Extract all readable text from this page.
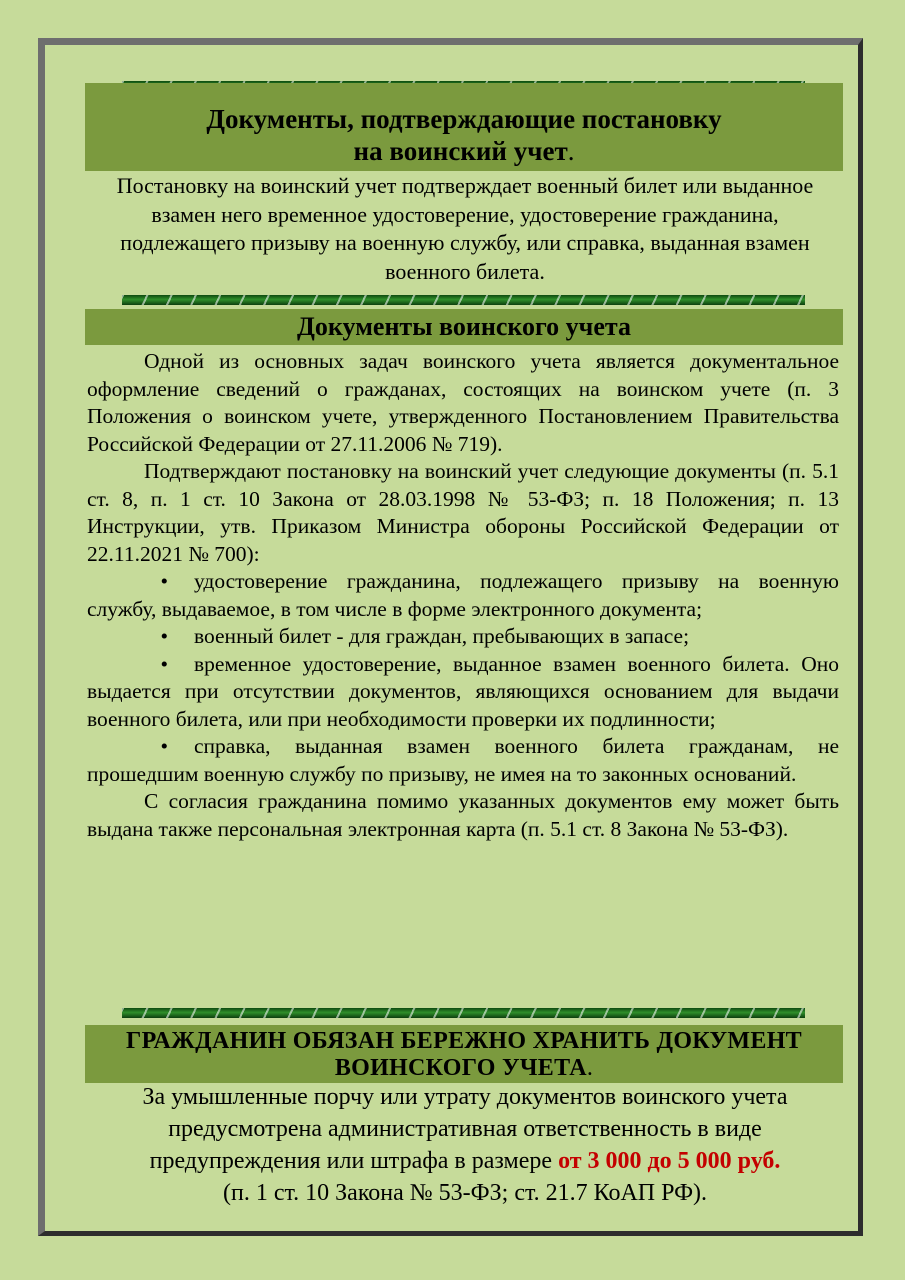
Документы, подтверждающие постановку
на воинский учет.
Постановку на воинский учет подтверждает военный билет или выданное взамен него временное удостоверение, удостоверение гражданина, подлежащего призыву на военную службу, или справка, выданная взамен военного билета.
Документы воинского учета

Одной из основных задач воинского учета является документальное оформление сведений о гражданах, состоящих на воинском учете (п. 3 Положения о воинском учете, утвержденного Постановлением Правительства Российской Федерации от 27.11.2006 № 719).

Подтверждают постановку на воинский учет следующие документы (п. 5.1 ст. 8, п. 1 ст. 10 Закона от 28.03.1998 № 53-ФЗ; п. 18 Положения; п. 13 Инструкции, утв. Приказом Министра обороны Российской Федерации от 22.11.2021 № 700):

• удостоверение гражданина, подлежащего призыву на военную службу, выдаваемое, в том числе в форме электронного документа;

• военный билет - для граждан, пребывающих в запасе;

• временное удостоверение, выданное взамен военного билета. Оно выдается при отсутствии документов, являющихся основанием для выдачи военного билета, или при необходимости проверки их подлинности;

• справка, выданная взамен военного билета гражданам, не прошедшим военную службу по призыву, не имея на то законных оснований.

С согласия гражданина помимо указанных документов ему может быть выдана также персональная электронная карта (п. 5.1 ст. 8 Закона № 53-ФЗ).

ГРАЖДАНИН ОБЯЗАН БЕРЕЖНО ХРАНИТЬ ДОКУМЕНТ
ВОИНСКОГО УЧЕТА.
За умышленные порчу или утрату документов воинского учета предусмотрена административная ответственность в виде предупреждения или штрафа в размере от 3 000 до 5 000 руб.
(п. 1 ст. 10 Закона № 53-ФЗ; ст. 21.7 КоАП РФ).
